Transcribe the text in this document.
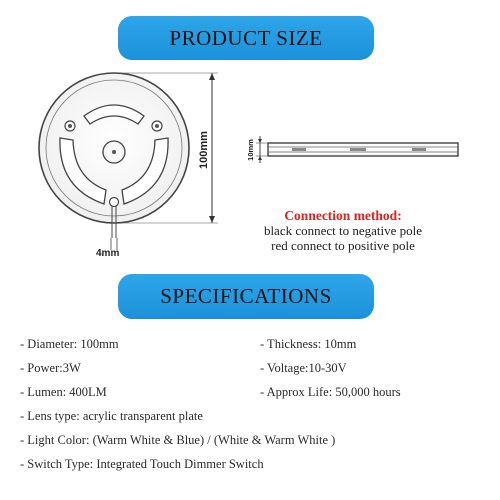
PRODUCT SIZE
SPECIFICATIONS
100mm
4mm
10mm
Connection method:
black connect to negative pole
red connect to positive pole
- Diameter: 100mm	- Thickness: 10mm
- Power:3W	- Voltage:10-30V
- Lumen: 400LM	- Approx Life: 50,000 hours
- Lens type: acrylic transparent plate
- Light Color: (Warm White & Blue) / (White & Warm White )
- Switch Type: Integrated Touch Dimmer Switch
